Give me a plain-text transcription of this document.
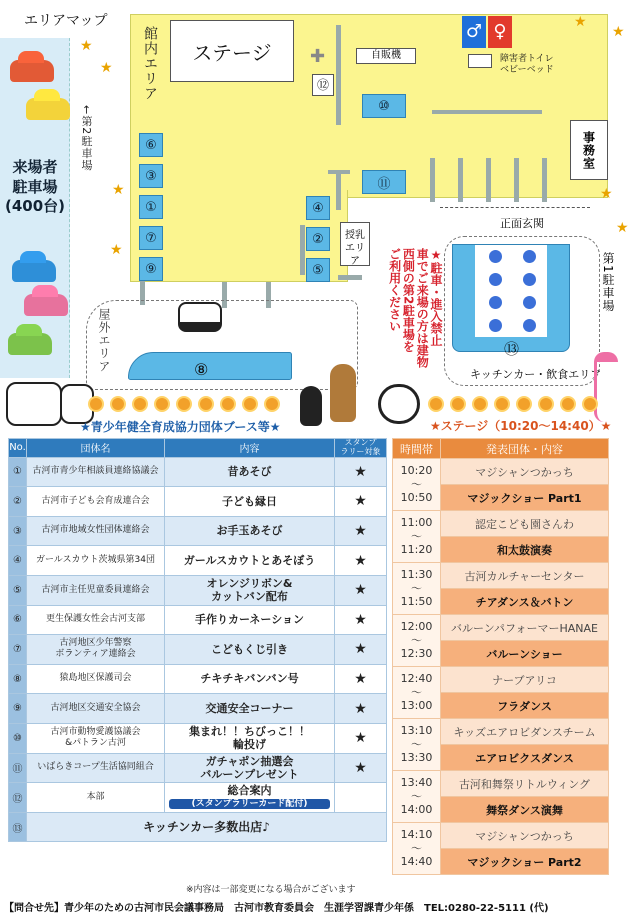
エリアマップ
来場者
駐車場
(400台)
←第2駐車場
館内エリア	ステージ	自販機
♂ ♀
障害者トイレ
ベビーベッド
事務室
✚
正面玄関
⑥
③
①
⑦
⑨
④
②
⑤
⑩
⑪
⑫
授乳
エリア
屋外エリア	⑧
★駐車・進入禁止
車でご来場の方は建物
西側の第2駐車場を
ご利用ください
⑬
キッチンカー・飲食エリア
第1駐車場
★
★
★
★
★
★
★
★
★青少年健全育成協力団体ブース等★	★ステージ（10:20～14:40）★
No.	団体名	内容	スタンプ
ラリー対象
①	古河市青少年相談員連絡協議会	昔あそび	★
②	古河市子ども会育成連合会	子ども縁日	★
③	古河市地域女性団体連絡会	お手玉あそび	★
④	ガールスカウト茨城県第34団	ガールスカウトとあそぼう	★
⑤	古河市主任児童委員連絡会	オレンジリボン&
カットバン配布	★
⑥	更生保護女性会古河支部	手作りカーネーション	★
⑦	古河地区少年警察
ボランティア連絡会	こどもくじ引き	★
⑧	猿島地区保護司会	チキチキバンバン号	★
⑨	古河地区交通安全協会	交通安全コーナー	★
⑩	古河市動物愛護協議会
&パトラン古河	集まれ！！ちびっこ！！
輪投げ	★
⑪	いばらきコープ生活協同組合	ガチャポン抽選会
バルーンプレゼント	★
⑫	本部	総合案内
(スタンプラリーカード配付)	

⑬	キッチンカー多数出店♪		
※内容は一部変更になる場合がございます
時間帯	発表団体・内容

10:20
～
10:50	マジシャンつかっち
	マジックショー Part1

11:00
～
11:20	認定こども園さんわ
	和太鼓演奏

11:30
～
11:50	古河カルチャーセンター
	チアダンス＆バトン

12:00
～
12:30	バルーンパフォーマーHANAE
	バルーンショー

12:40
～
13:00	ナーブアリコ
	フラダンス

13:10
～
13:30	キッズエアロビダンスチーム
	エアロビクスダンス

13:40
～
14:00	古河和舞祭リトルウィング
	舞祭ダンス演舞

14:10
～
14:40	マジシャンつかっち
	マジックショー Part2
【問合せ先】青少年のための古河市民会議事務局　古河市教育委員会　生涯学習課青少年係　TEL:0280-22-5111 (代)
